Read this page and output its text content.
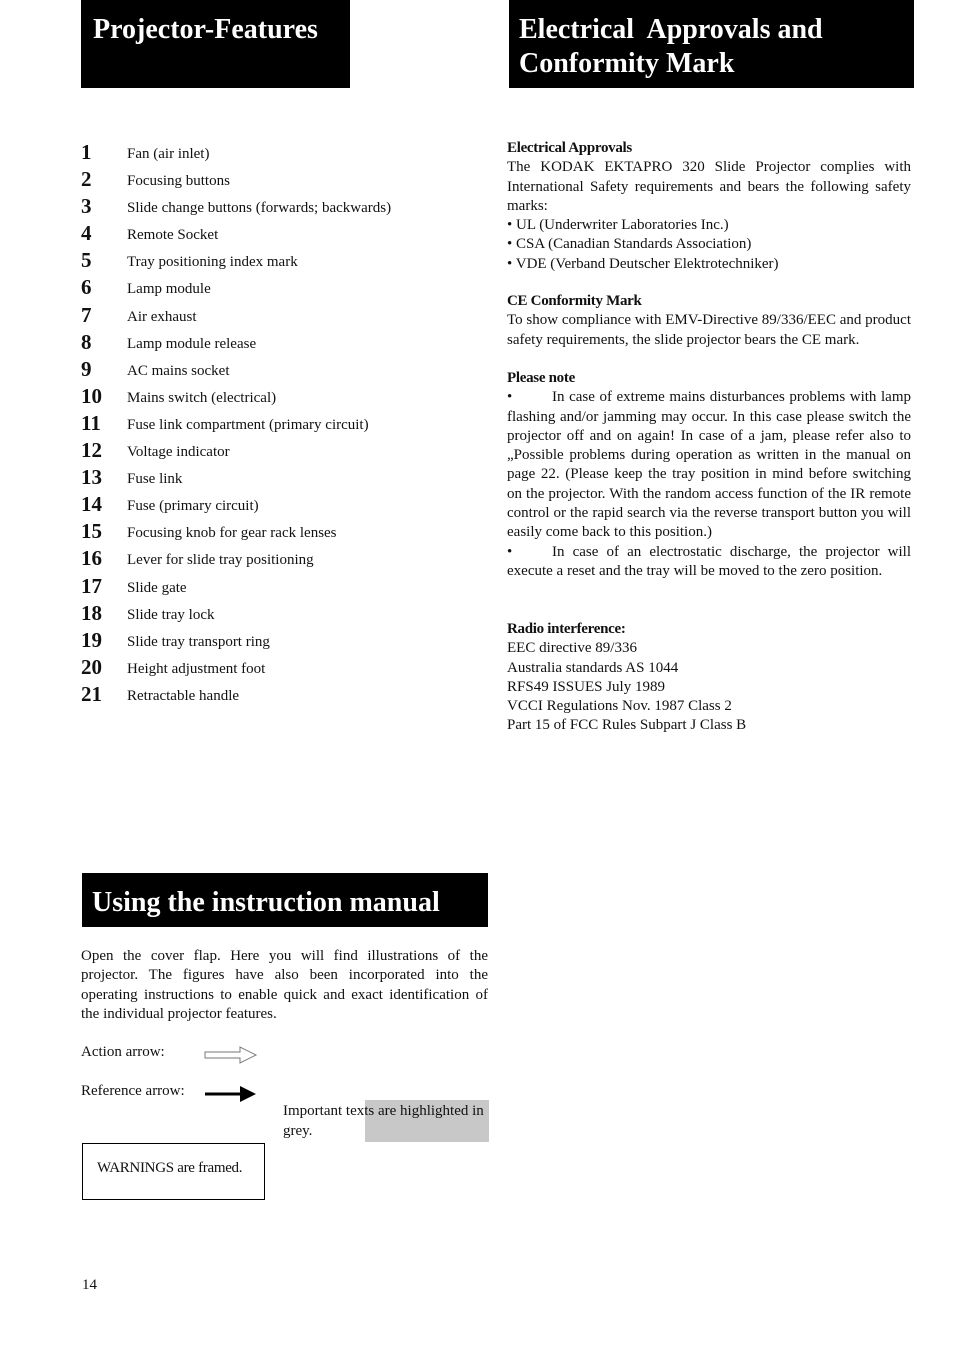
Projector-Features	Electrical  Approvals and
Conformity Mark
1 Fan (air inlet)
2 Focusing buttons
3 Slide change buttons (forwards; backwards)
4 Remote Socket
5 Tray positioning index mark
6 Lamp module
7 Air exhaust
8 Lamp module release
9 AC mains socket
10 Mains switch (electrical)
11 Fuse link compartment (primary circuit)
12 Voltage indicator
13 Fuse link
14 Fuse (primary circuit)
15 Focusing knob for gear rack lenses
16 Lever for slide tray positioning
17 Slide gate
18 Slide tray lock
19 Slide tray transport ring
20 Height adjustment foot
21 Retractable handle
Electrical Approvals

The KODAK EKTAPRO 320 Slide Projector complies with International Safety requirements and bears the following safety marks:

• UL (Underwriter Laboratories Inc.)
• CSA (Canadian Standards Association)
• VDE (Verband Deutscher Elektrotechniker)
CE Conformity Mark

To show compliance with EMV-Directive 89/336/EEC and product safety requirements, the slide projector bears the CE mark.

Please note

•	In case of extreme mains disturbances problems with lamp flashing and/or jamming may occur. In this case please switch the projector off and on again! In case of a jam, please refer also to „Possible problems during operation as written in the manual on page 22. (Please keep the tray position in mind before switching on the projector. With the random access function of the IR remote control or the rapid search via the reverse transport button you will easily come back to this position.)

•	In case of an electrostatic discharge, the projector will execute a reset and the tray will be moved to the zero position.

Radio interference:
EEC directive 89/336
Australia standards AS 1044
RFS49 ISSUES July 1989
VCCI Regulations Nov. 1987 Class 2
Part 15 of FCC Rules Subpart J Class B
Using the instruction manual

Open the cover flap. Here you will find illustrations of the projector. The figures have also been incorporated into the operating instructions to enable quick and exact identification of the individual projector features.

Action arrow:
Reference arrow:

Important texts are highlighted in grey.

WARNINGS are framed.
14
